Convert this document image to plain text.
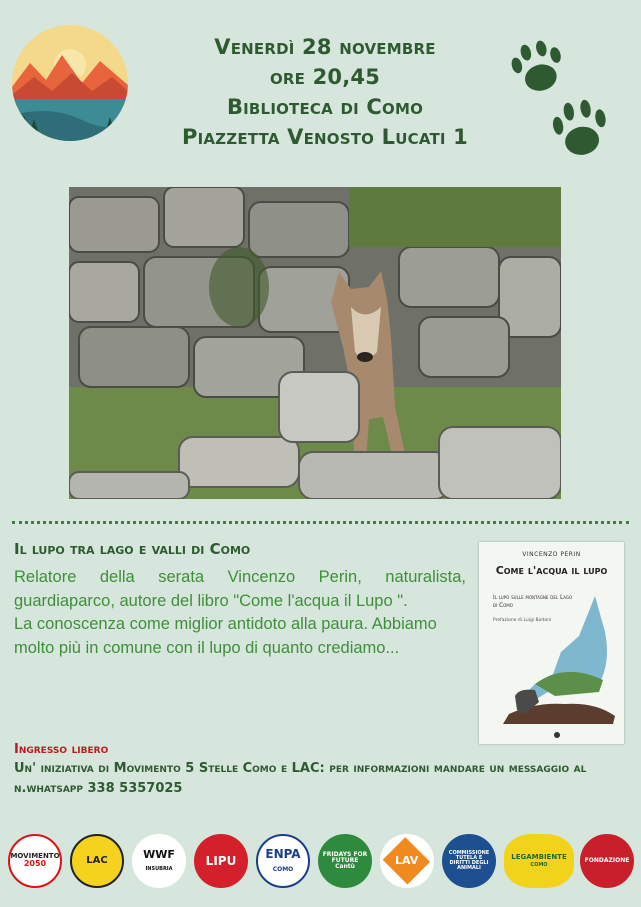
Venerdì 28 novembre
ore 20,45
Biblioteca di Como
Piazzetta Venosto Lucati 1
Il lupo tra lago e valli di Como

Relatore della serata Vincenzo Perin, naturalista, guardiaparco, autore del libro "Come l'acqua il Lupo ".

La conoscenza come miglior antidoto alla paura. Abbiamo molto più in comune con il lupo di quanto crediamo...

VINCENZO PERIN
Come l'acqua il lupo
Il lupo sulle montagne del Lago di Como
Prefazione di Luigi Boitani
Ingresso libero
Un' iniziativa di Movimento 5 Stelle Como e LAC: per informazioni mandare un messaggio al n.whatsapp 338 5357025
MOVIMENTO
2050	LAC	WWF
INSUBRIA
LIPU ENPA
COMO
FRIDAYS FOR FUTURE
Cantù	LAV
COMMISSIONE TUTELA E DIRITTI DEGLI ANIMALI
LEGAMBIENTE
COMO
FONDAZIONE
